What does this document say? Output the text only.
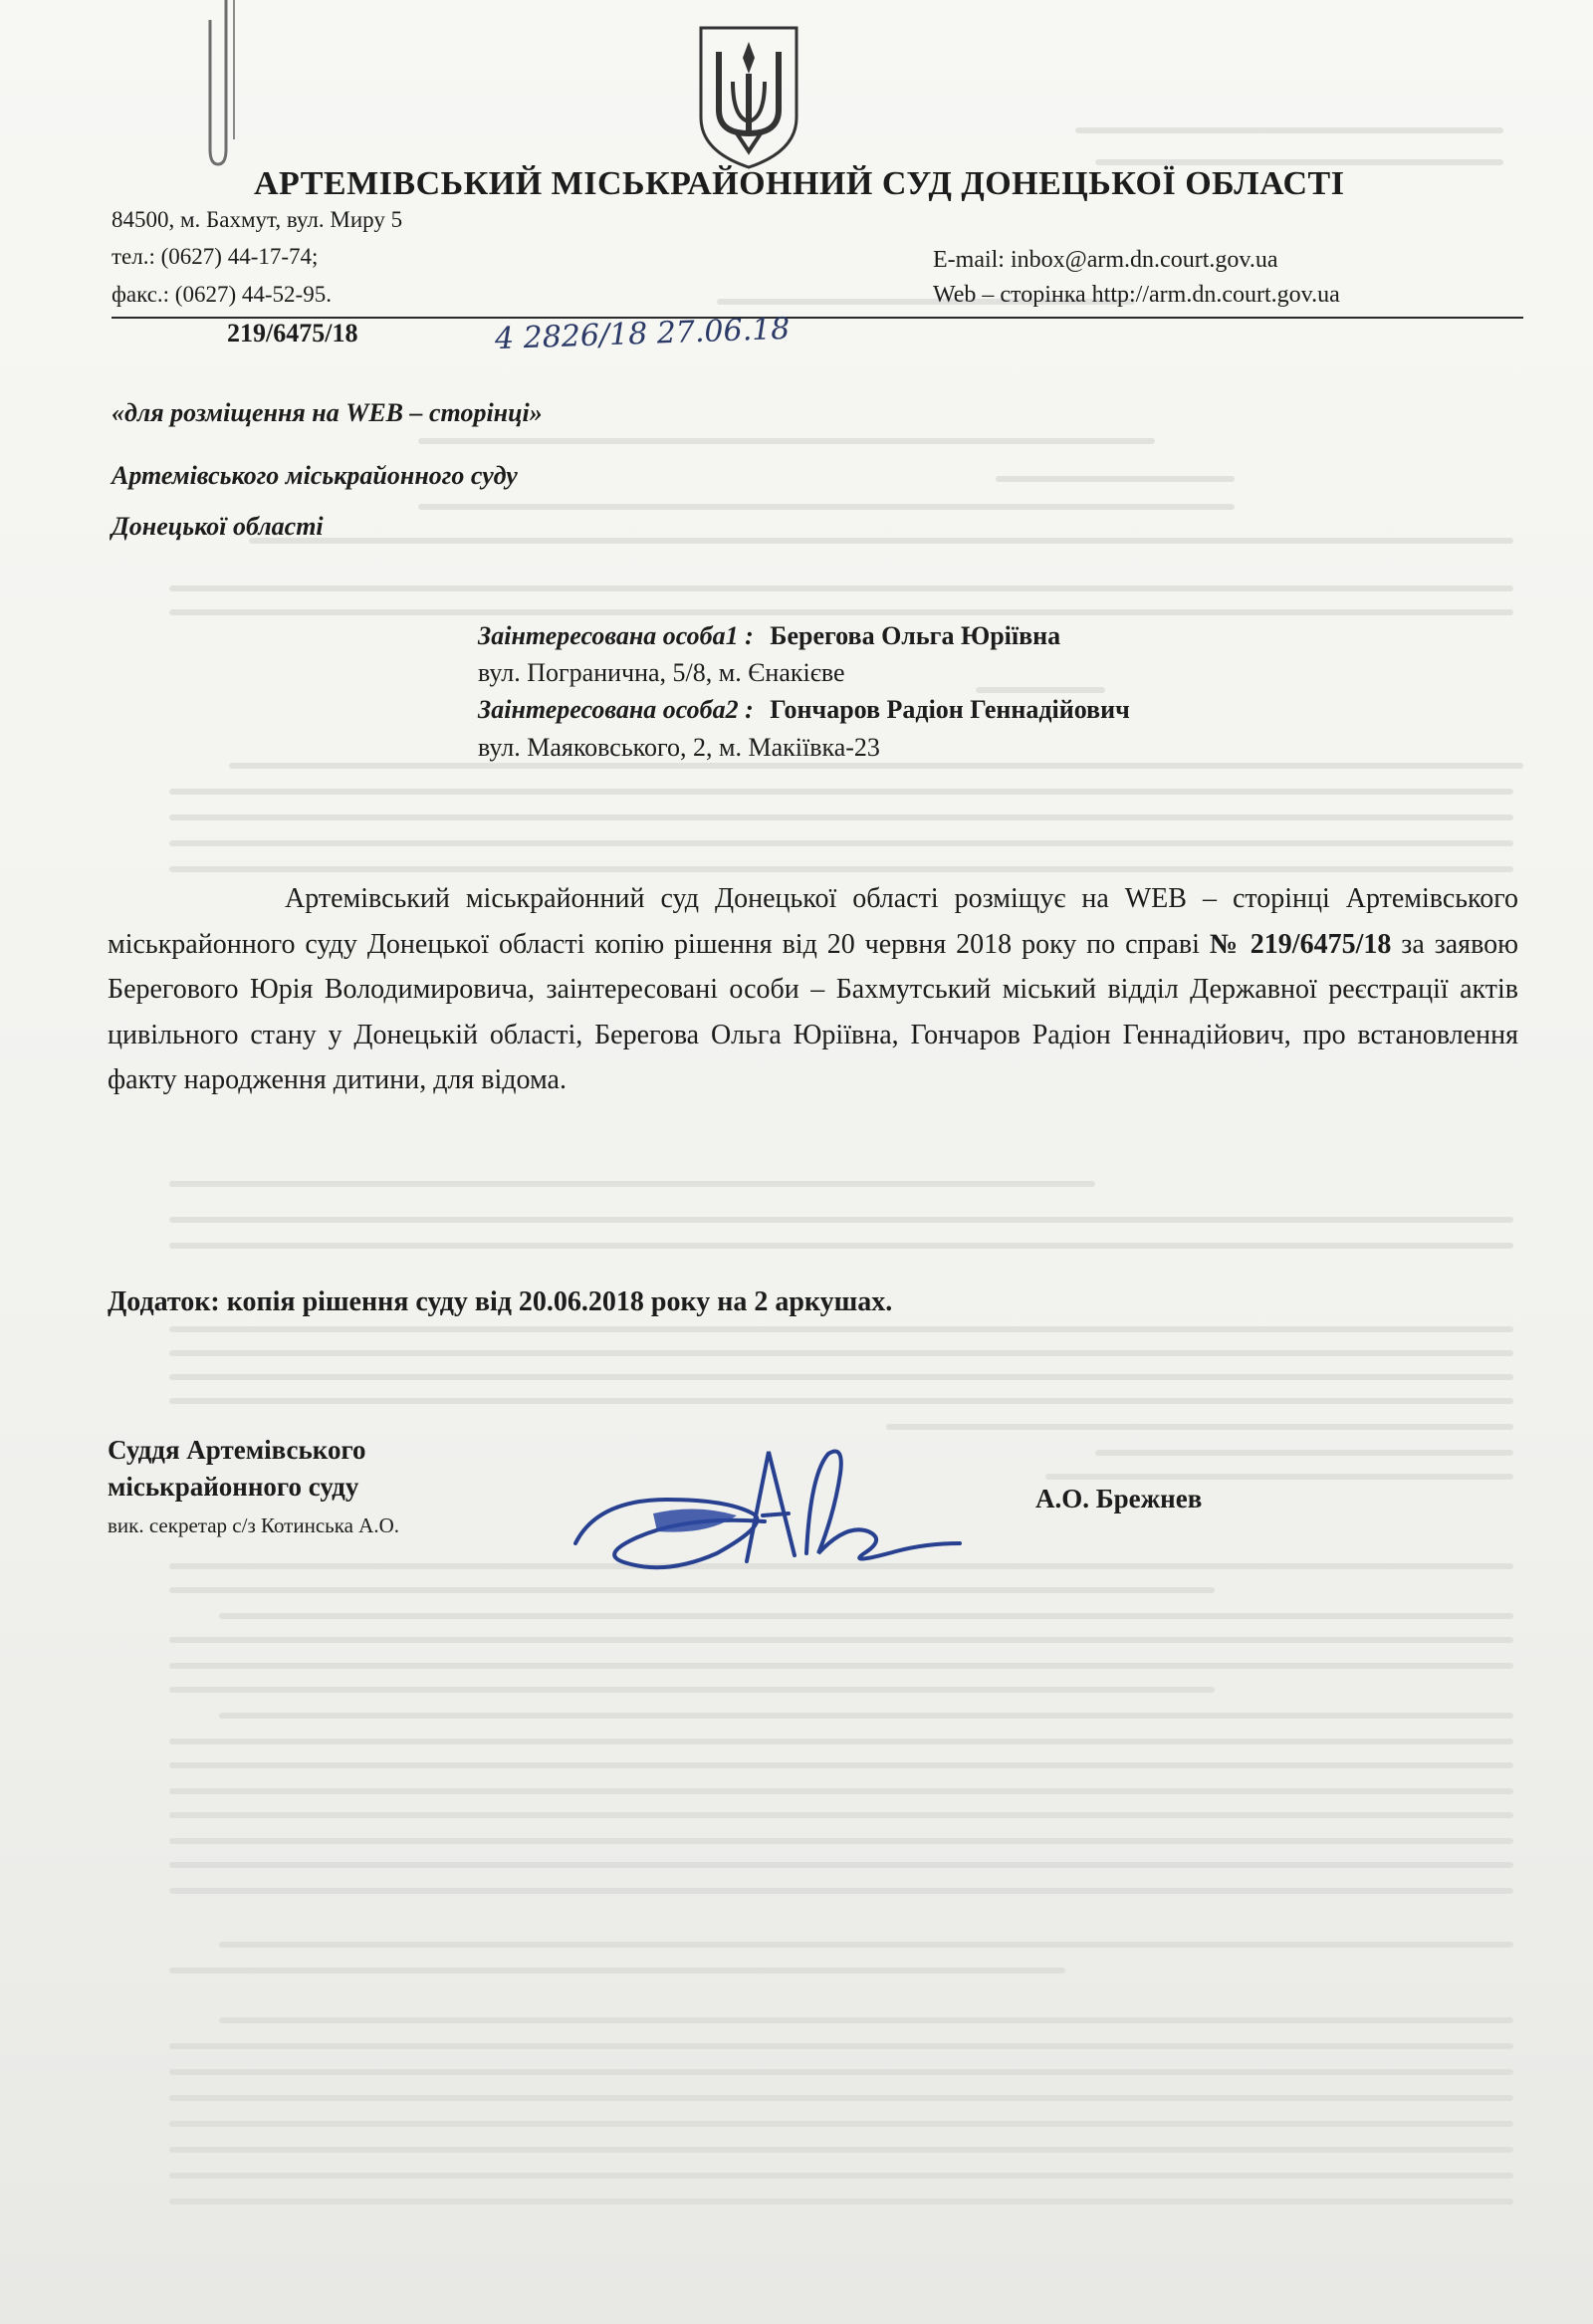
АРТЕМІВСЬКИЙ МІСЬКРАЙОННИЙ СУД ДОНЕЦЬКОЇ ОБЛАСТІ
84500, м. Бахмут, вул. Миру 5
тел.: (0627) 44-17-74;
факс.: (0627) 44-52-95.
E-mail: inbox@arm.dn.court.gov.ua
Web – сторінка http://arm.dn.court.gov.ua
219/6475/18	4 2826/18 27.06.18
«для розміщення на WEB – сторінці»
Артемівського міськрайонного суду
Донецької області
Заінтересована особа1 : Берегова Ольга Юріївна
вул. Погранична, 5/8, м. Єнакієве
Заінтересована особа2 : Гончаров Радіон Геннадійович
вул. Маяковського, 2, м. Макіївка-23
Артемівський міськрайонний суд Донецької області розміщує на WEB – сторінці Артемівського міськрайонного суду Донецької області копію рішення від 20 червня 2018 року по справі № 219/6475/18 за заявою Берегового Юрія Володимировича, заінтересовані особи – Бахмутський міський відділ Державної реєстрації актів цивільного стану у Донецькій області, Берегова Ольга Юріївна, Гончаров Радіон Геннадійович, про встановлення факту народження дитини, для відома.
Додаток: копія рішення суду від 20.06.2018 року на 2 аркушах.
Суддя Артемівського
міськрайонного суду
вик. секретар с/з Котинська А.О.
А.О. Брежнев
